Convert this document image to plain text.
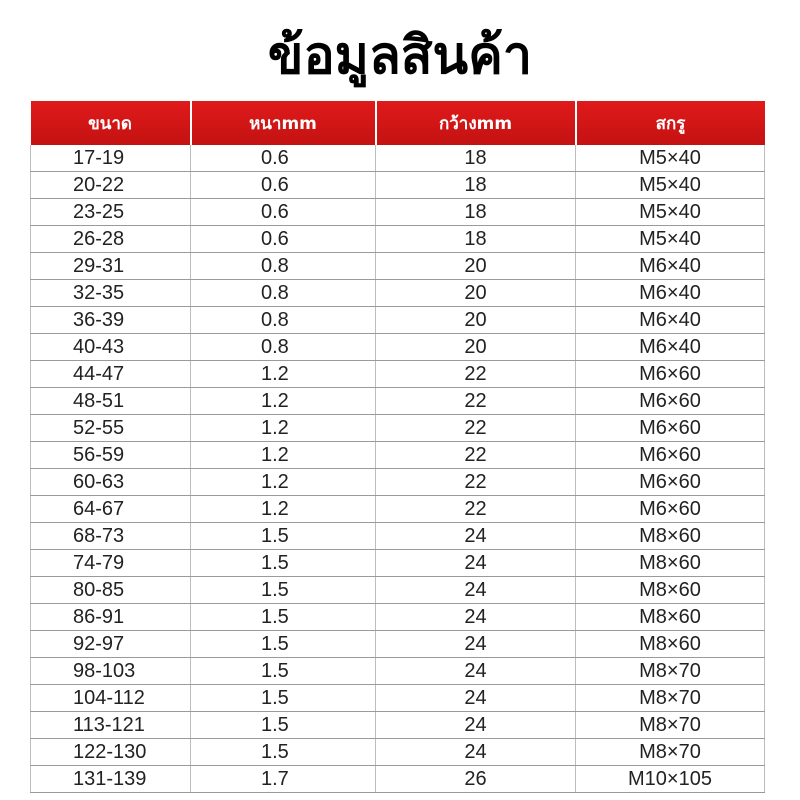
ข้อมูลสินค้า
ขนาด	หนาmm	กว้างmm	สกรู
17-19	0.6	18	M5×40
20-22	0.6	18	M5×40
23-25	0.6	18	M5×40
26-28	0.6	18	M5×40
29-31	0.8	20	M6×40
32-35	0.8	20	M6×40
36-39	0.8	20	M6×40
40-43	0.8	20	M6×40
44-47	1.2	22	M6×60
48-51	1.2	22	M6×60
52-55	1.2	22	M6×60
56-59	1.2	22	M6×60
60-63	1.2	22	M6×60
64-67	1.2	22	M6×60
68-73	1.5	24	M8×60
74-79	1.5	24	M8×60
80-85	1.5	24	M8×60
86-91	1.5	24	M8×60
92-97	1.5	24	M8×60
98-103	1.5	24	M8×70
104-112	1.5	24	M8×70
113-121	1.5	24	M8×70
122-130	1.5	24	M8×70
131-139	1.7	26	M10×105
